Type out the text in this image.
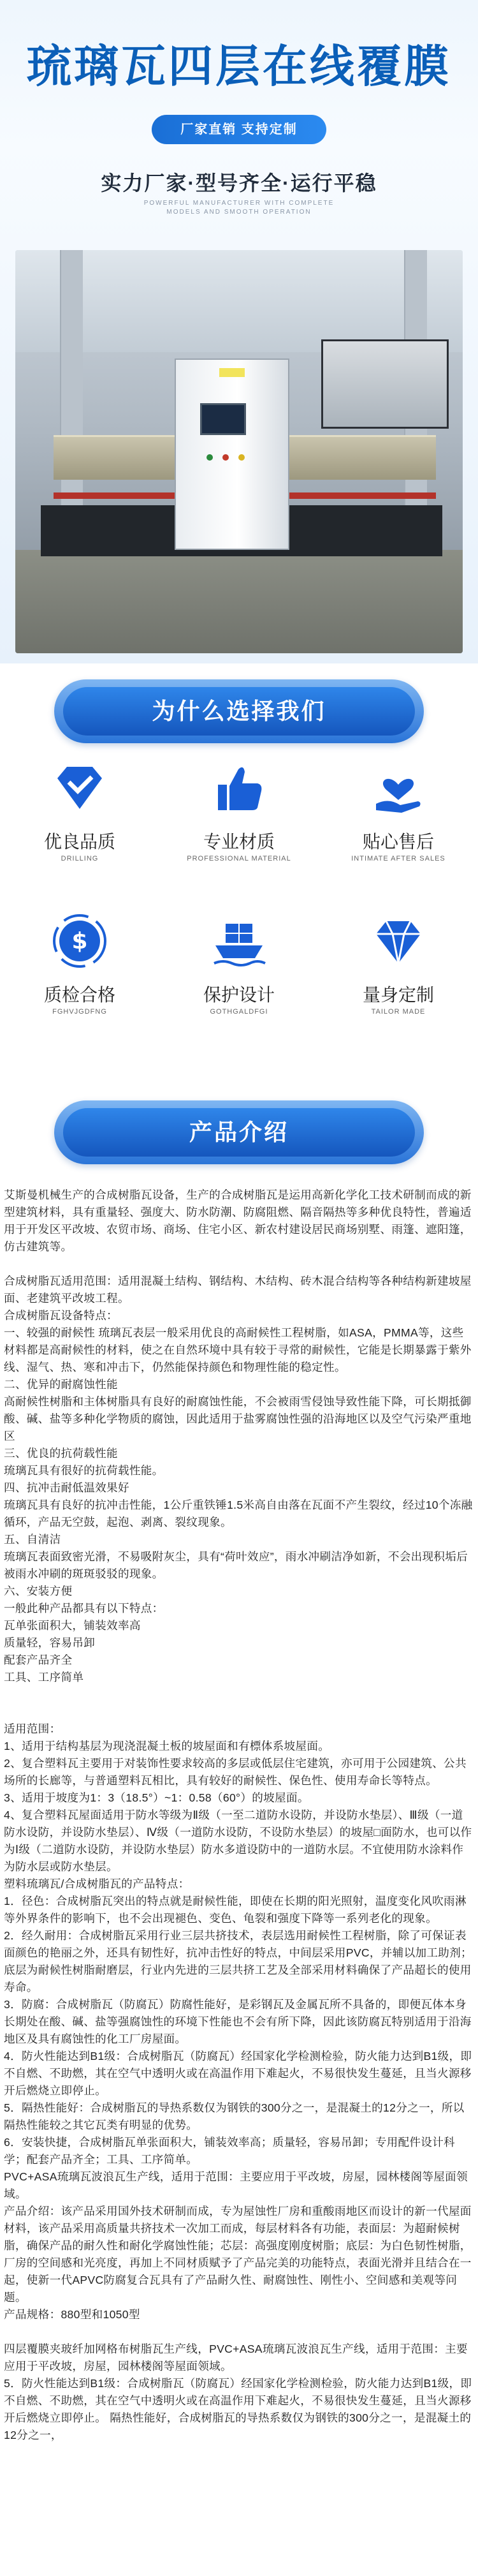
琉璃瓦四层在线覆膜
厂家直销 支持定制
实力厂家·型号齐全·运行平稳
POWERFUL MANUFACTURER WITH COMPLETE
MODELS AND SMOOTH OPERATION
为什么选择我们
优良品质
DRILLING
专业材质
PROFESSIONAL MATERIAL
贴心售后
INTIMATE AFTER SALES
$
质检合格
FGHVJGDFNG
保护设计
GOTHGALDFGI
量身定制
TAILOR MADE
产品介绍

艾斯曼机械生产的合成树脂瓦设备，生产的合成树脂瓦是运用高新化学化工技术研制而成的新型建筑材料，具有重量轻、强度大、防水防潮、防腐阻燃、隔音隔热等多种优良特性，普遍适用于开发区平改坡、农贸市场、商场、住宅小区、新农村建设居民商场别墅、雨篷、遮阳篷，仿古建筑等。

合成树脂瓦适用范围：适用混凝土结构、钢结构、木结构、砖木混合结构等各种结构新建坡屋面、老建筑平改坡工程。

合成树脂瓦设备特点：

一、较强的耐候性 琉璃瓦表层一般采用优良的高耐候性工程树脂，如ASA，PMMA等，这些材料都是高耐候性的材料，使之在自然环境中具有较于寻常的耐候性，它能是长期暴露于紫外线、湿气、热、寒和冲击下，仍然能保持颜色和物理性能的稳定性。

二、优异的耐腐蚀性能

高耐候性树脂和主体树脂具有良好的耐腐蚀性能，不会被雨雪侵蚀导致性能下降，可长期抵御酸、碱、盐等多种化学物质的腐蚀，因此适用于盐雾腐蚀性强的沿海地区以及空气污染严重地区

三、优良的抗荷载性能

琉璃瓦具有很好的抗荷载性能。

四、抗冲击耐低温效果好

琉璃瓦具有良好的抗冲击性能，1公斤重铁锤1.5米高自由落在瓦面不产生裂纹，经过10个冻融循环，产品无空鼓，起泡、剥离、裂纹现象。

五、自清洁

琉璃瓦表面致密光滑，不易吸附灰尘，具有“荷叶效应”，雨水冲刷洁净如新，不会出现积垢后被雨水冲刷的斑斑驳驳的现象。

六、安装方便

一般此种产品都具有以下特点：

瓦单张面积大，铺装效率高

质量轻，容易吊卸

配套产品齐全

工具、工序简单

适用范围：

1、适用于结构基层为现浇混凝土板的坡屋面和有標体系坡屋面。

2、复合塑料瓦主要用于对装饰性要求较高的多层或低层住宅建筑，亦可用于公园建筑、公共场所的长廊等，与普通塑料瓦相比，具有较好的耐候性、保色性、使用寿命长等特点。

3、适用于坡度为1：3（18.5°）~1：0.58（60°）的坡屋面。

4、复合塑料瓦屋面适用于防水等级为Ⅱ级（一至二道防水设防，并设防水垫层）、Ⅲ级（一道防水设防，并设防水垫层）、Ⅳ级（一道防水设防，不设防水垫层）的坡屋□面防水，也可以作为Ⅰ级（二道防水设防，并设防水垫层）防水多道设防中的一道防水层。不宜使用防水涂料作为防水层或防水垫层。

塑料琉璃瓦/合成树脂瓦的产品特点：

1．径色：合成树脂瓦突出的特点就是耐候性能，即使在长期的阳光照射，温度变化风吹雨淋等外界条件的影响下，也不会出现褪色、变色、龟裂和强度下降等一系列老化的现象。

2．经久耐用：合成树脂瓦采用行业三层共挤技术，表层选用耐候性工程树脂，除了可保证表面颜色的艳丽之外，还具有韧性好，抗冲击性好的特点，中间层采用PVC，并辅以加工助剂；底层为耐候性树脂耐磨层，行业内先进的三层共挤工艺及全部采用材料确保了产品超长的使用寿命。

3．防腐：合成树脂瓦（防腐瓦）防腐性能好，是彩钢瓦及金属瓦所不具备的，即便瓦体本身长期处在酸、碱、盐等强腐蚀性的环境下性能也不会有所下降，因此该防腐瓦特别适用于沿海地区及具有腐蚀性的化工厂房屋面。

4．防火性能达到B1级：合成树脂瓦（防腐瓦）经国家化学检测检验，防火能力达到B1级，即不自燃、不助燃，其在空气中透明火或在高温作用下难起火，不易很快发生蔓延，且当火源移开后燃烧立即停止。

5．隔热性能好：合成树脂瓦的导热系数仅为钢铁的300分之一，是混凝土的12分之一，所以隔热性能较之其它瓦类有明显的优势。

6．安装快捷，合成树脂瓦单张面积大，铺装效率高；质量轻，容易吊卸；专用配件设计科学；配套产品齐全；工具、工序简单。

PVC+ASA琉璃瓦波浪瓦生产线，适用于范围：主要应用于平改坡，房屋，园林楼阁等屋面领域。

产品介绍：该产品采用国外技术研制而成，专为屋蚀性厂房和重酸雨地区而设计的新一代屋面材料，该产品采用高质量共挤技术一次加工而成，每层材料各有功能，表面层：为超耐候树脂，确保产品的耐久性和耐化学腐蚀性能；芯层：高强度刚度树脂；底层：为白色韧性树脂，厂房的空间感和光亮度，再加上不同材质赋予了产品完美的功能特点，表面光滑并且结合在一起，使新一代APVC防腐复合瓦具有了产品耐久性、耐腐蚀性、刚性小、空间感和美观等问题。

产品规格：880型和1050型

四层覆膜夹玻纤加网格布树脂瓦生产线，PVC+ASA琉璃瓦波浪瓦生产线，适用于范围：主要应用于平改坡，房屋，园林楼阁等屋面领域。

5．防火性能达到B1级：合成树脂瓦（防腐瓦）经国家化学检测检验，防火能力达到B1级，即不自燃、不助燃，其在空气中透明火或在高温作用下难起火，不易很快发生蔓延，且当火源移开后燃烧立即停止。 隔热性能好，合成树脂瓦的导热系数仅为钢铁的300分之一，是混凝土的12分之一，
